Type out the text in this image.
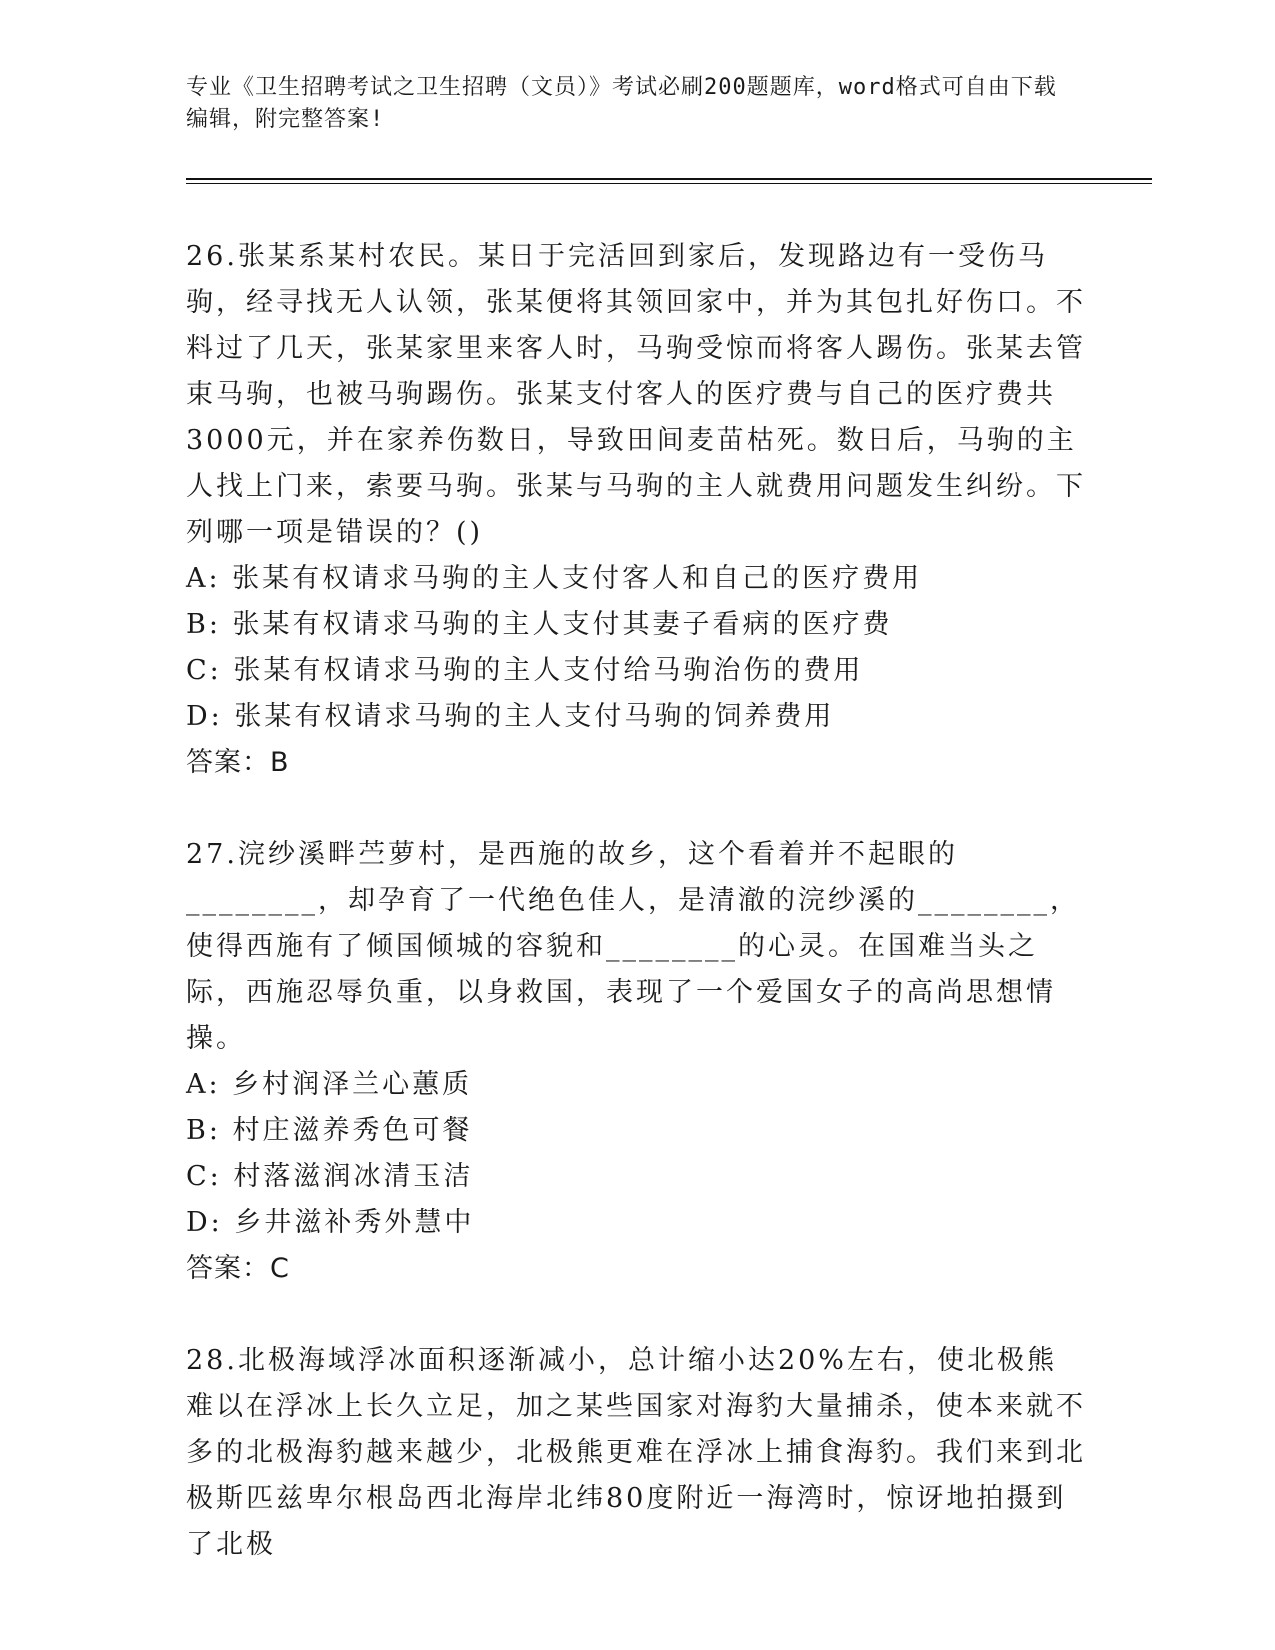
专业《卫生招聘考试之卫生招聘（文员）》考试必刷200题题库，word格式可自由下载编辑，附完整答案!

26.张某系某村农民。某日于完活回到家后，发现路边有一受伤马驹，经寻找无人认领，张某便将其领回家中，并为其包扎好伤口。不料过了几天，张某家里来客人时，马驹受惊而将客人踢伤。张某去管束马驹，也被马驹踢伤。张某支付客人的医疗费与自己的医疗费共3000元，并在家养伤数日，导致田间麦苗枯死。数日后，马驹的主人找上门来，索要马驹。张某与马驹的主人就费用问题发生纠纷。下列哪一项是错误的？()

A: 张某有权请求马驹的主人支付客人和自己的医疗费用

B: 张某有权请求马驹的主人支付其妻子看病的医疗费

C: 张某有权请求马驹的主人支付给马驹治伤的费用

D: 张某有权请求马驹的主人支付马驹的饲养费用

答案：B

27.浣纱溪畔苎萝村，是西施的故乡，这个看着并不起眼的________，却孕育了一代绝色佳人，是清澈的浣纱溪的________，使得西施有了倾国倾城的容貌和________的心灵。在国难当头之际，西施忍辱负重，以身救国，表现了一个爱国女子的高尚思想情操。

A: 乡村润泽兰心蕙质

B: 村庄滋养秀色可餐

C: 村落滋润冰清玉洁

D: 乡井滋补秀外慧中

答案：C

28.北极海域浮冰面积逐渐减小，总计缩小达20%左右，使北极熊难以在浮冰上长久立足，加之某些国家对海豹大量捕杀，使本来就不多的北极海豹越来越少，北极熊更难在浮冰上捕食海豹。我们来到北极斯匹兹卑尔根岛西北海岸北纬80度附近一海湾时，惊讶地拍摄到了北极
